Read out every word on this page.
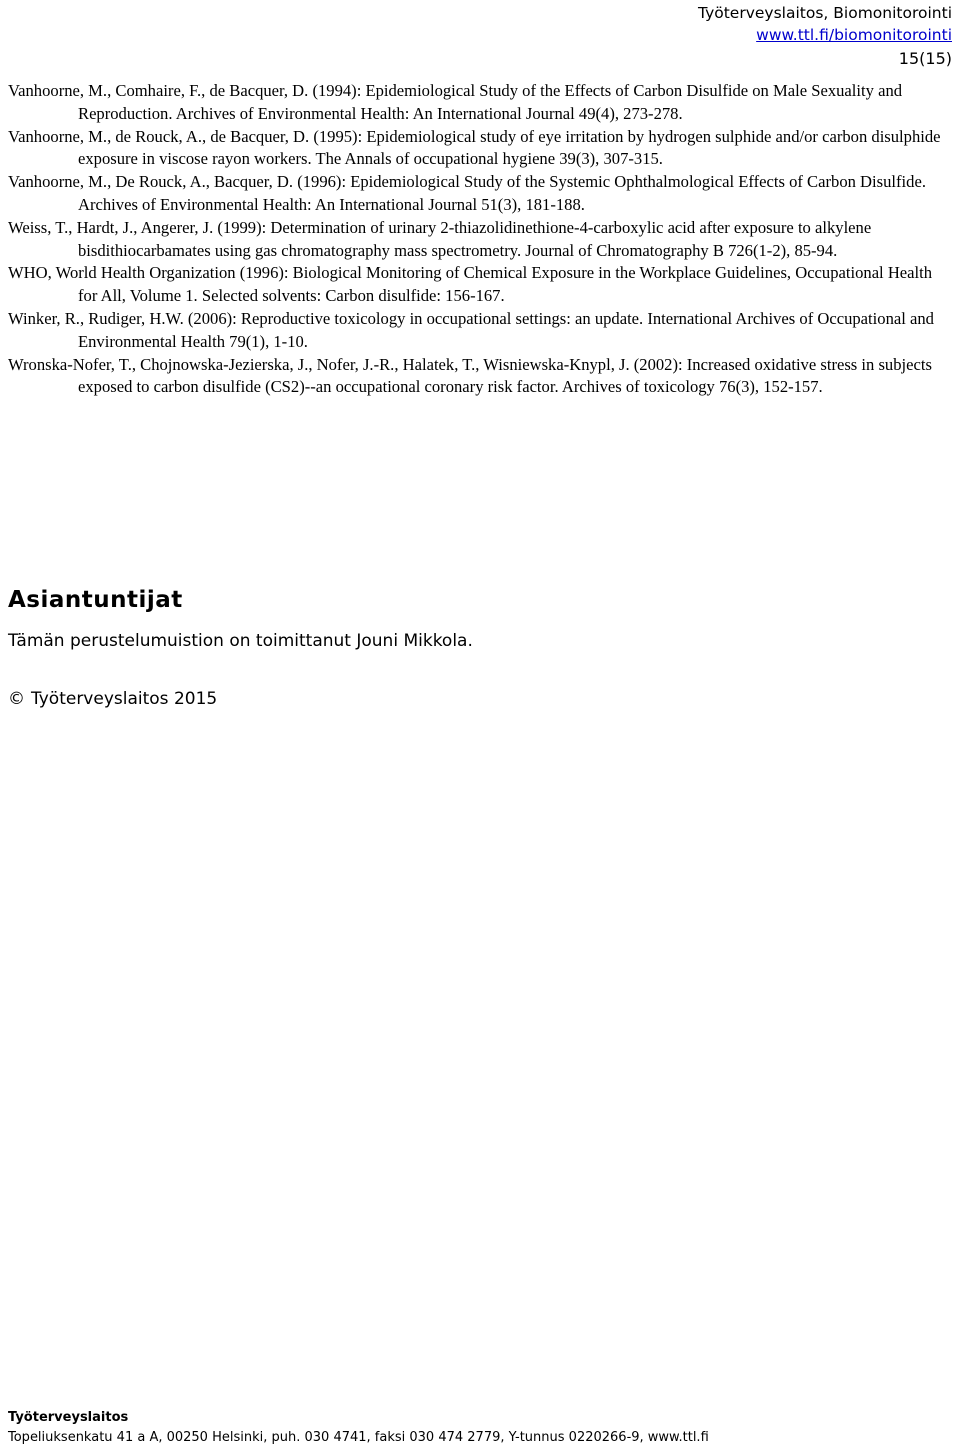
Työterveyslaitos, Biomonitorointi
www.ttl.fi/biomonitorointi
15(15)

Vanhoorne, M., Comhaire, F., de Bacquer, D. (1994): Epidemiological Study of the Effects of Carbon Disulfide on Male Sexuality and Reproduction. Archives of Environmental Health: An International Journal 49(4), 273-278.

Vanhoorne, M., de Rouck, A., de Bacquer, D. (1995): Epidemiological study of eye irritation by hydrogen sulphide and/or carbon disulphide exposure in viscose rayon workers. The Annals of occupational hygiene 39(3), 307-315.

Vanhoorne, M., De Rouck, A., Bacquer, D. (1996): Epidemiological Study of the Systemic Ophthalmological Effects of Carbon Disulfide. Archives of Environmental Health: An International Journal 51(3), 181-188.

Weiss, T., Hardt, J., Angerer, J. (1999): Determination of urinary 2-thiazolidinethione-4-carboxylic acid after exposure to alkylene bisdithiocarbamates using gas chromatography mass spectrometry. Journal of Chromatography B 726(1-2), 85-94.

WHO, World Health Organization (1996): Biological Monitoring of Chemical Exposure in the Workplace Guidelines, Occupational Health for All, Volume 1. Selected solvents: Carbon disulfide: 156-167.

Winker, R., Rudiger, H.W. (2006): Reproductive toxicology in occupational settings: an update. International Archives of Occupational and Environmental Health 79(1), 1-10.

Wronska-Nofer, T., Chojnowska-Jezierska, J., Nofer, J.-R., Halatek, T., Wisniewska-Knypl, J. (2002): Increased oxidative stress in subjects exposed to carbon disulfide (CS2)--an occupational coronary risk factor. Archives of toxicology 76(3), 152-157.

Asiantuntijat

Tämän perustelumuistion on toimittanut Jouni Mikkola.

© Työterveyslaitos 2015

Työterveyslaitos
Topeliuksenkatu 41 a A, 00250 Helsinki, puh. 030 4741, faksi 030 474 2779, Y-tunnus 0220266-9, www.ttl.fi
